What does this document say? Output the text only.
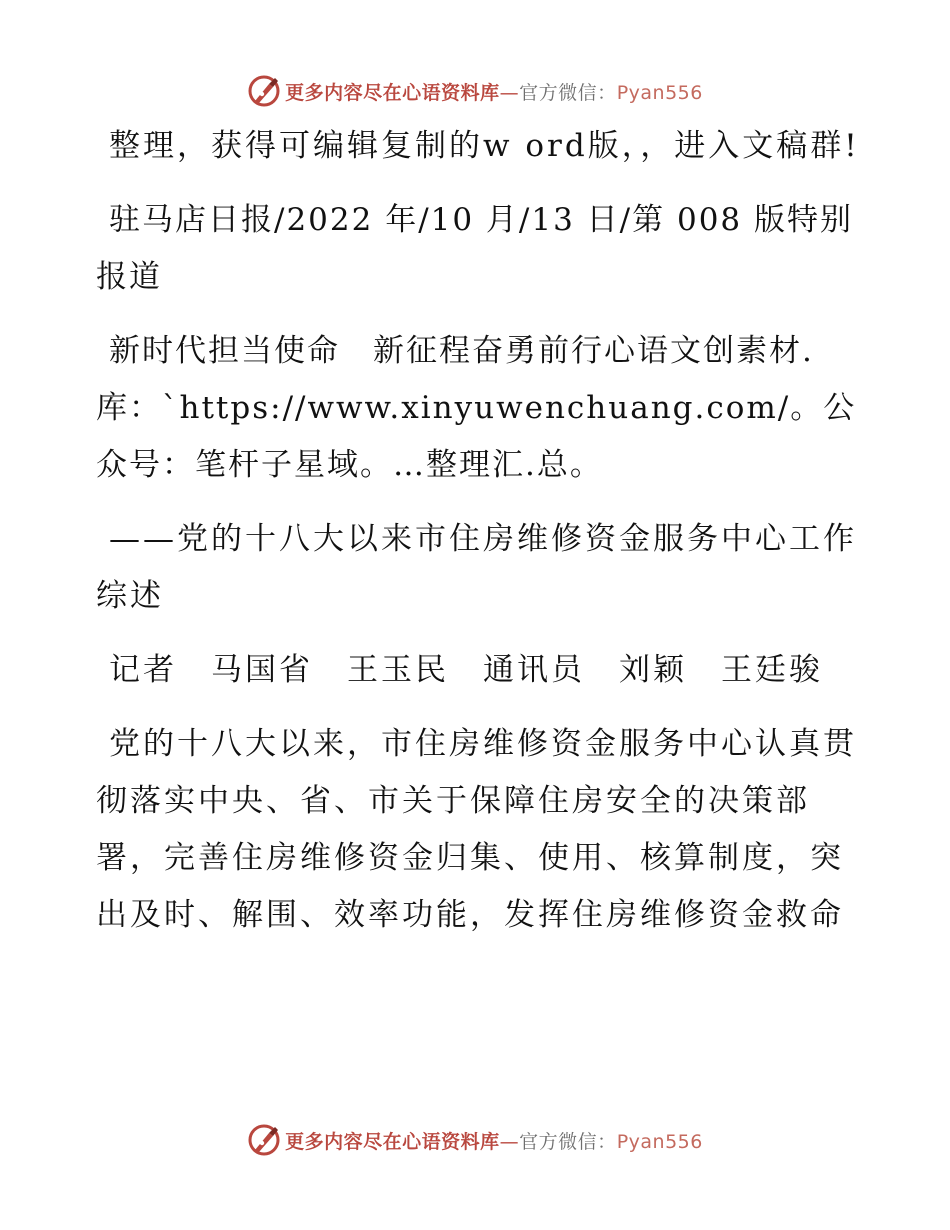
更多内容尽在心语资料库—官方微信：Pyan556

整理，获得可编辑复制的w ord版，，进入文稿群!

驻马店日报/2022 年/10 月/13 日/第 008 版特别报道

新时代担当使命　新征程奋勇前行心语文创素材.库：`https://www.xinyuwenchuang.com/。公众号：笔杆子星域。…整理汇.总。

——党的十八大以来市住房维修资金服务中心工作综述

记者　马国省　王玉民　通讯员　刘颖　王廷骏

党的十八大以来，市住房维修资金服务中心认真贯彻落实中央、省、市关于保障住房安全的决策部署，完善住房维修资金归集、使用、核算制度，突出及时、解围、效率功能，发挥住房维修资金救命

更多内容尽在心语资料库—官方微信：Pyan556
